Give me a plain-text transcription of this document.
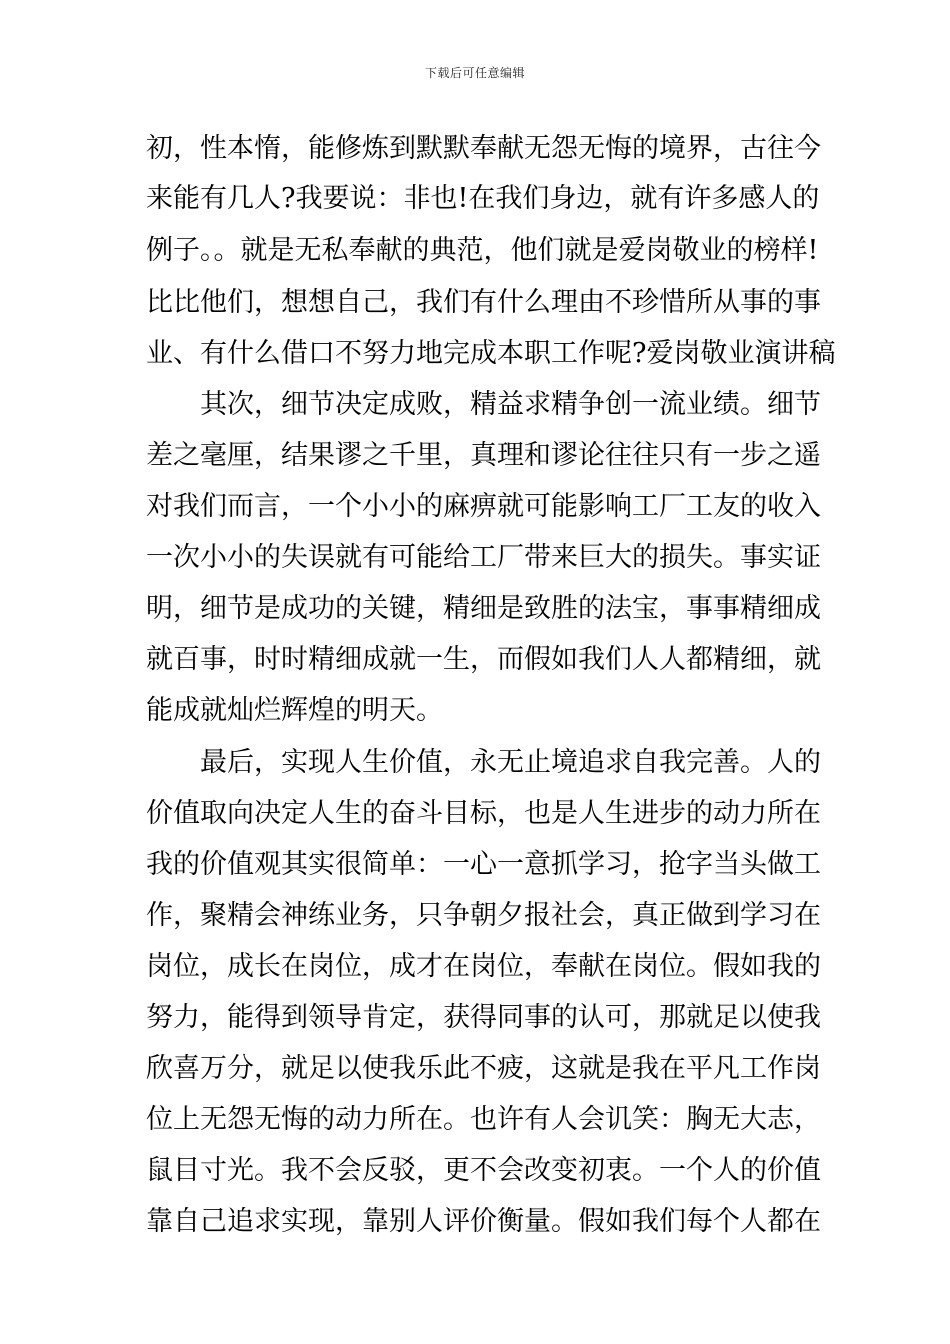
下载后可任意编辑
初，性本惰，能修炼到默默奉献无怨无悔的境界，古往今
来能有几人?我要说：非也!在我们身边，就有许多感人的
例子。。就是无私奉献的典范，他们就是爱岗敬业的榜样!
比比他们，想想自己，我们有什么理由不珍惜所从事的事
业、有什么借口不努力地完成本职工作呢?爱岗敬业演讲稿
其次，细节决定成败，精益求精争创一流业绩。细节
差之毫厘，结果谬之千里，真理和谬论往往只有一步之遥
对我们而言，一个小小的麻痹就可能影响工厂工友的收入
一次小小的失误就有可能给工厂带来巨大的损失。事实证
明，细节是成功的关键，精细是致胜的法宝，事事精细成
就百事，时时精细成就一生，而假如我们人人都精细，就
能成就灿烂辉煌的明天。
最后，实现人生价值，永无止境追求自我完善。人的
价值取向决定人生的奋斗目标，也是人生进步的动力所在
我的价值观其实很简单：一心一意抓学习，抢字当头做工
作，聚精会神练业务，只争朝夕报社会，真正做到学习在
岗位，成长在岗位，成才在岗位，奉献在岗位。假如我的
努力，能得到领导肯定，获得同事的认可，那就足以使我
欣喜万分，就足以使我乐此不疲，这就是我在平凡工作岗
位上无怨无悔的动力所在。也许有人会讥笑：胸无大志，
鼠目寸光。我不会反驳，更不会改变初衷。一个人的价值
靠自己追求实现，靠别人评价衡量。假如我们每个人都在
